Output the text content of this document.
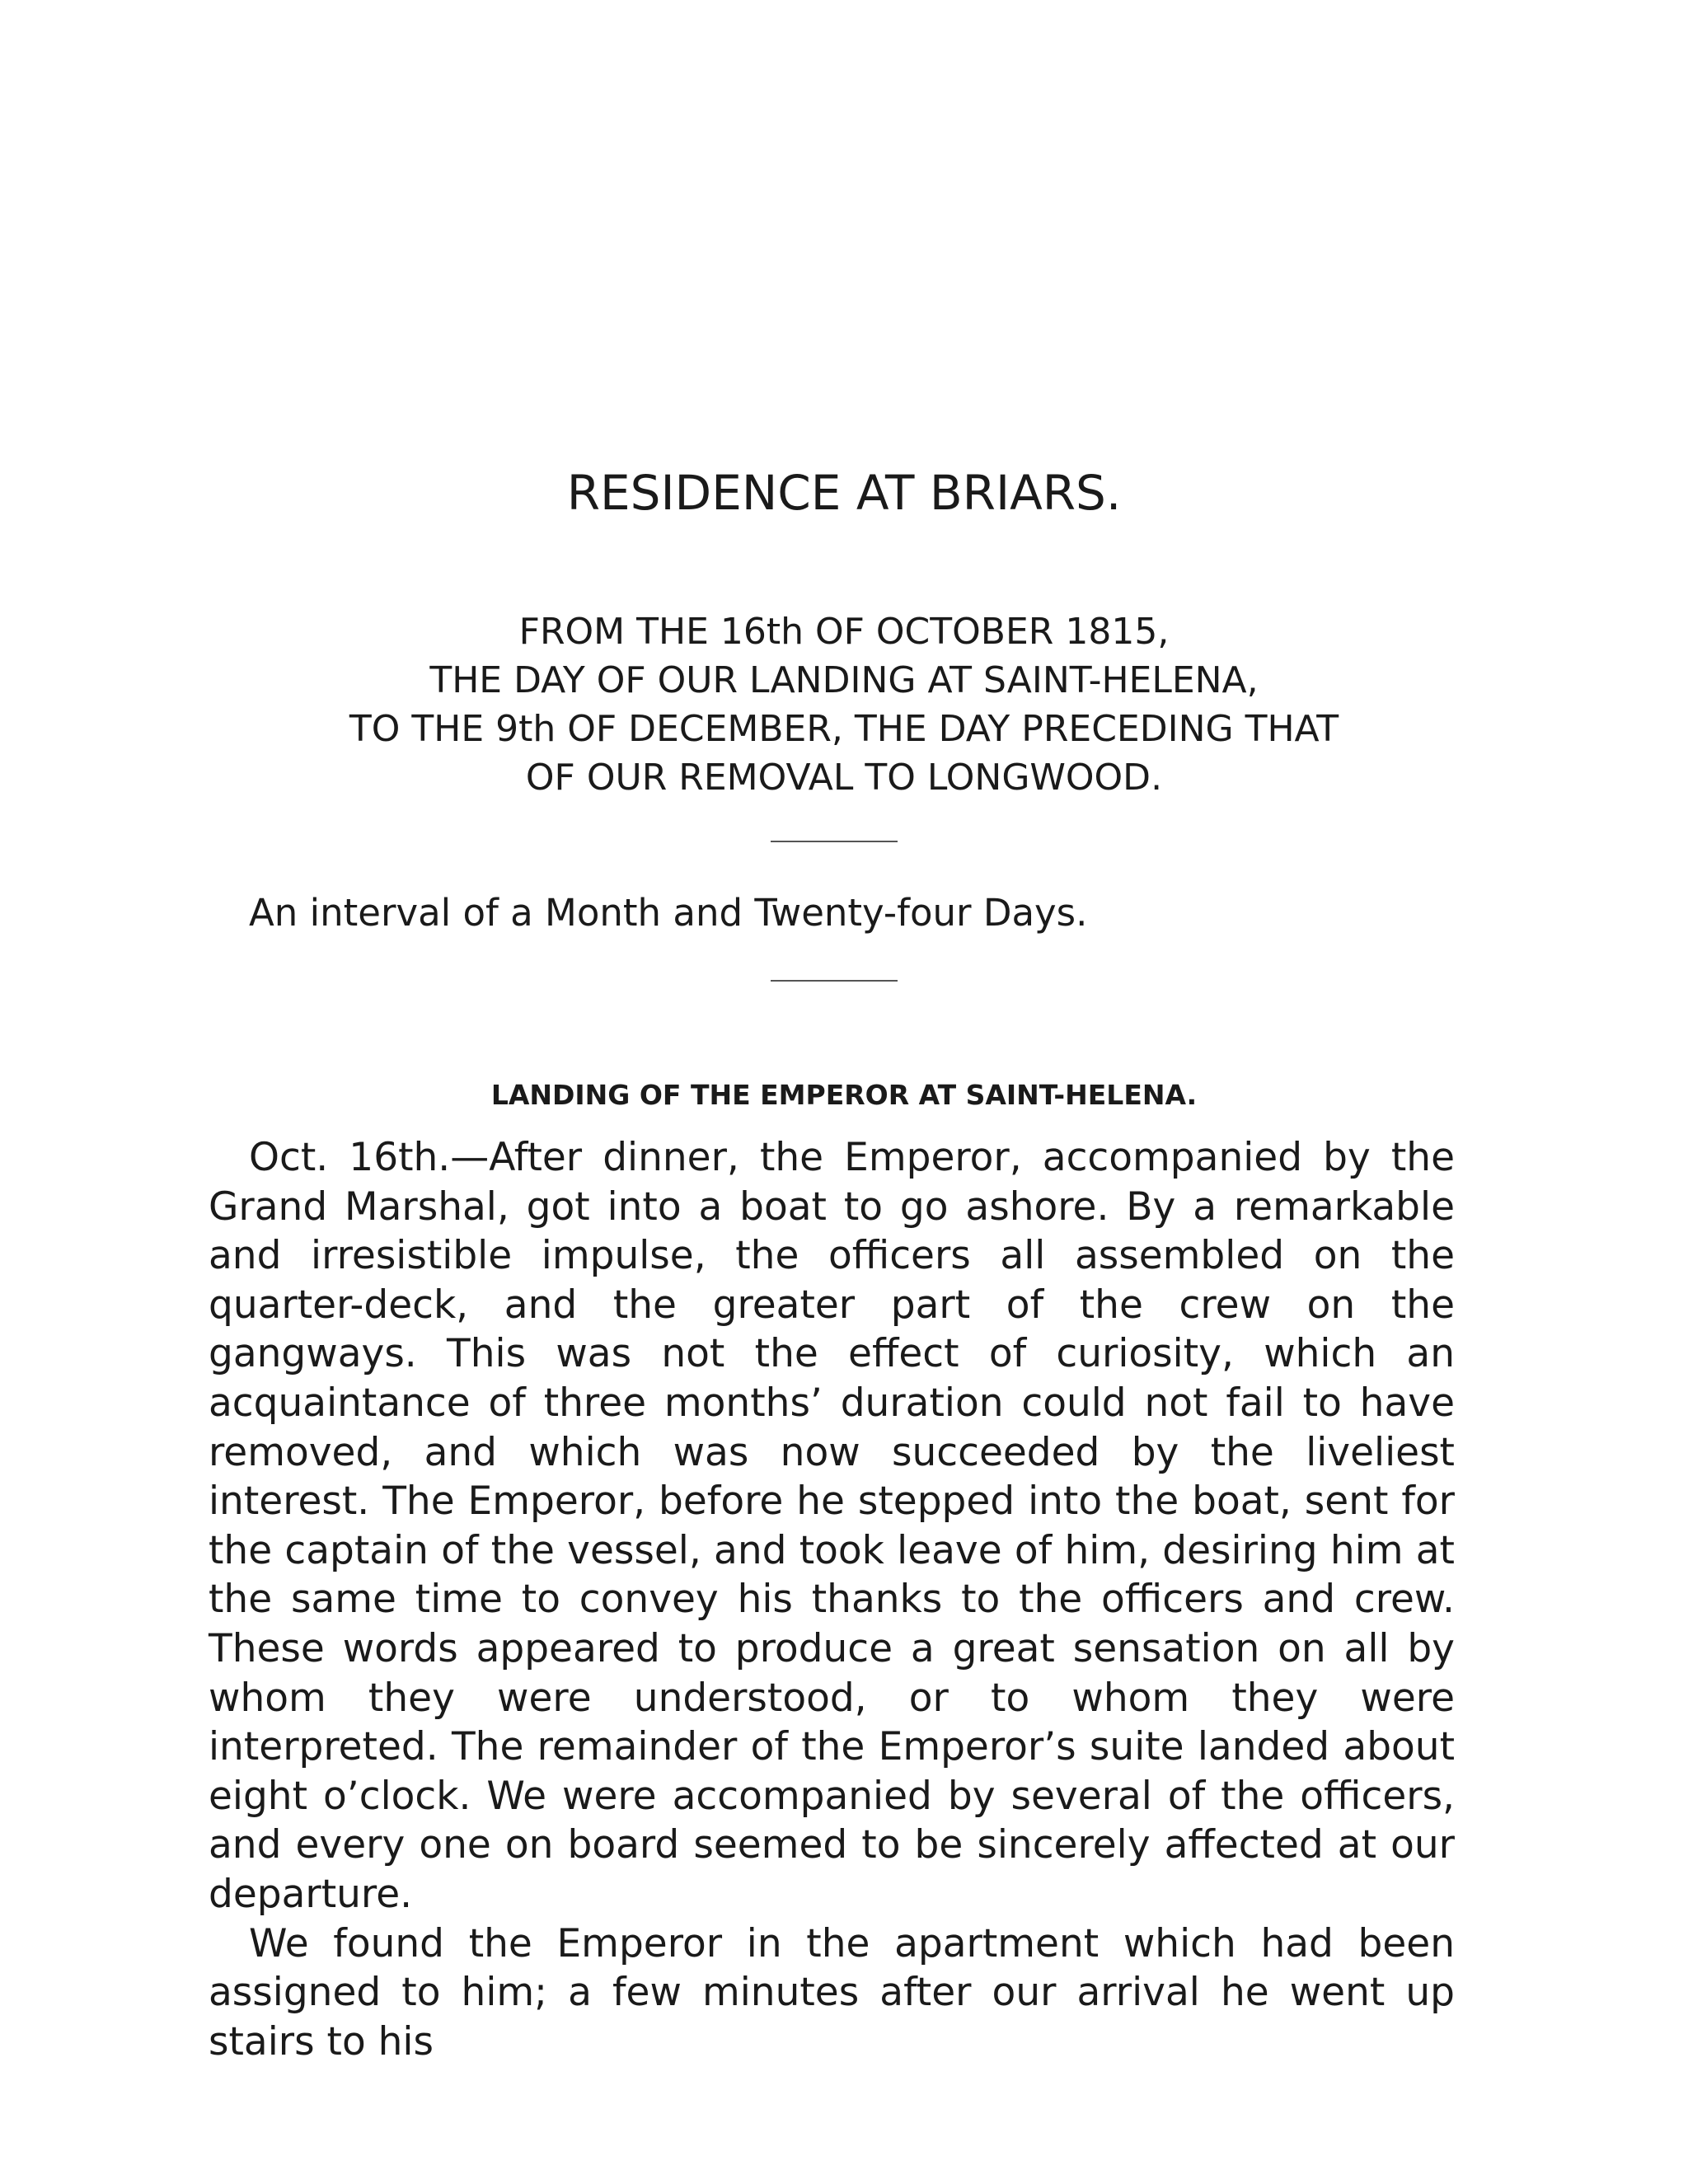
RESIDENCE AT BRIARS.
FROM THE 16th OF OCTOBER 1815,
THE DAY OF OUR LANDING AT SAINT-HELENA,
TO THE 9th OF DECEMBER, THE DAY PRECEDING THAT
OF OUR REMOVAL TO LONGWOOD.

An interval of a Month and Twenty-four Days.

LANDING OF THE EMPEROR AT SAINT-HELENA.

Oct. 16th.—After dinner, the Emperor, accompanied by the Grand Marshal, got into a boat to go ashore. By a remarkable and irresistible impulse, the officers all assembled on the quarter-deck, and the greater part of the crew on the gangways. This was not the effect of curiosity, which an acquaintance of three months’ duration could not fail to have removed, and which was now succeeded by the liveliest interest. The Emperor, before he stepped into the boat, sent for the captain of the vessel, and took leave of him, desiring him at the same time to convey his thanks to the officers and crew. These words appeared to produce a great sensation on all by whom they were understood, or to whom they were interpreted. The remainder of the Emperor’s suite landed about eight o’clock. We were accompanied by several of the officers, and every one on board seemed to be sincerely affected at our departure.

We found the Emperor in the apartment which had been assigned to him; a few minutes after our arrival he went up stairs to his
